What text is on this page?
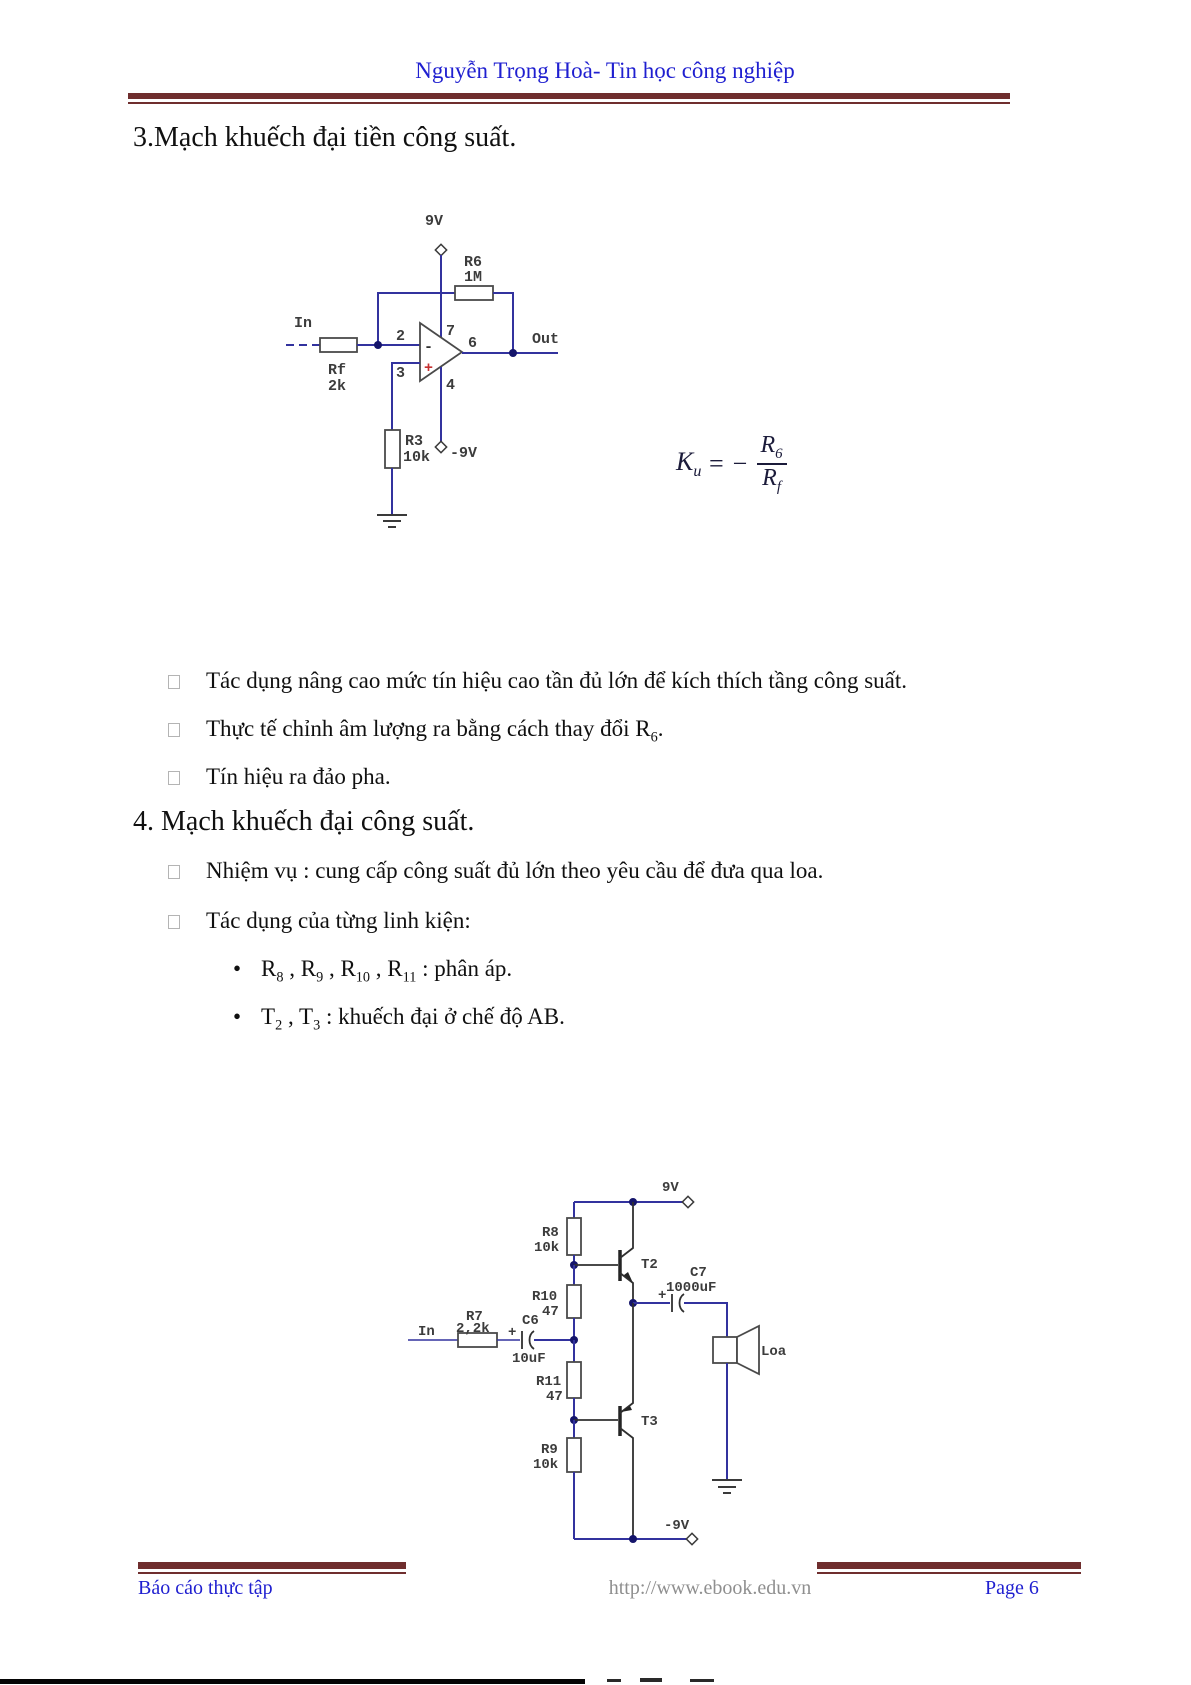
Nguyễn Trọng Hoà- Tin học công nghiệp
3.Mạch khuếch đại tiền công suất.
9V
R6
1M
In
Rf
2k
2
-
+
7
3
4
R3
10k -9V
6	Out
$K_u$ = − $\frac{R_6}{R_f}$
Tác dụng nâng cao mức tín hiệu cao tần đủ lớn để kích thích tầng công suất.
Thực tế chỉnh âm lượng ra bằng cách thay đổi $R_6$.
Tín hiệu ra đảo pha.
4. Mạch khuếch đại công suất.
Nhiệm vụ : cung cấp công suất đủ lớn theo yêu cầu để đưa qua loa.
Tác dụng của từng linh kiện:
• $R_8$ , $R_9$ , $R_{10}$ , $R_{11}$ : phân áp.
• $T_2$ , $T_3$ : khuếch đại ở chế độ AB.
9V
R8
10k
T2 C7
1000uF
+
Loa
R10
47
In
R7
2,2k C6
+
10uF
R11
47
T3
R9
10k
-9V
Báo cáo thực tập	http://www.ebook.edu.vn	Page 6
